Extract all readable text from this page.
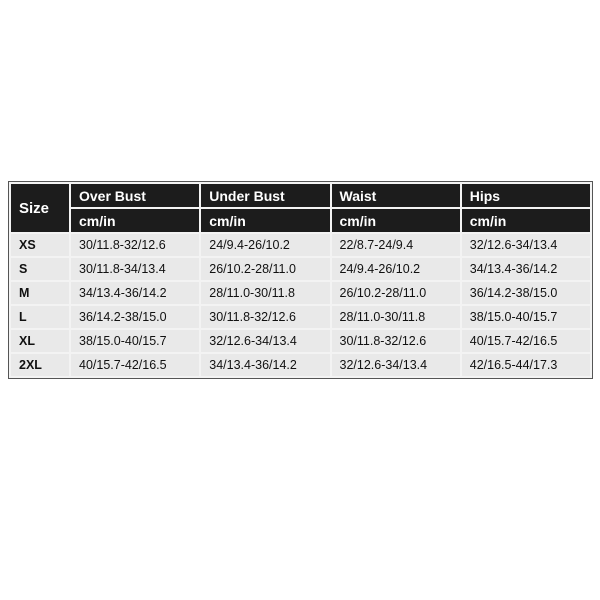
Size	Over Bust	Under Bust	Waist	Hips
	cm/in	cm/in	cm/in	cm/in
XS	30/11.8-32/12.6	24/9.4-26/10.2	22/8.7-24/9.4	32/12.6-34/13.4
S	30/11.8-34/13.4	26/10.2-28/11.0	24/9.4-26/10.2	34/13.4-36/14.2
M	34/13.4-36/14.2	28/11.0-30/11.8	26/10.2-28/11.0	36/14.2-38/15.0
L	36/14.2-38/15.0	30/11.8-32/12.6	28/11.0-30/11.8	38/15.0-40/15.7
XL	38/15.0-40/15.7	32/12.6-34/13.4	30/11.8-32/12.6	40/15.7-42/16.5
2XL	40/15.7-42/16.5	34/13.4-36/14.2	32/12.6-34/13.4	42/16.5-44/17.3
